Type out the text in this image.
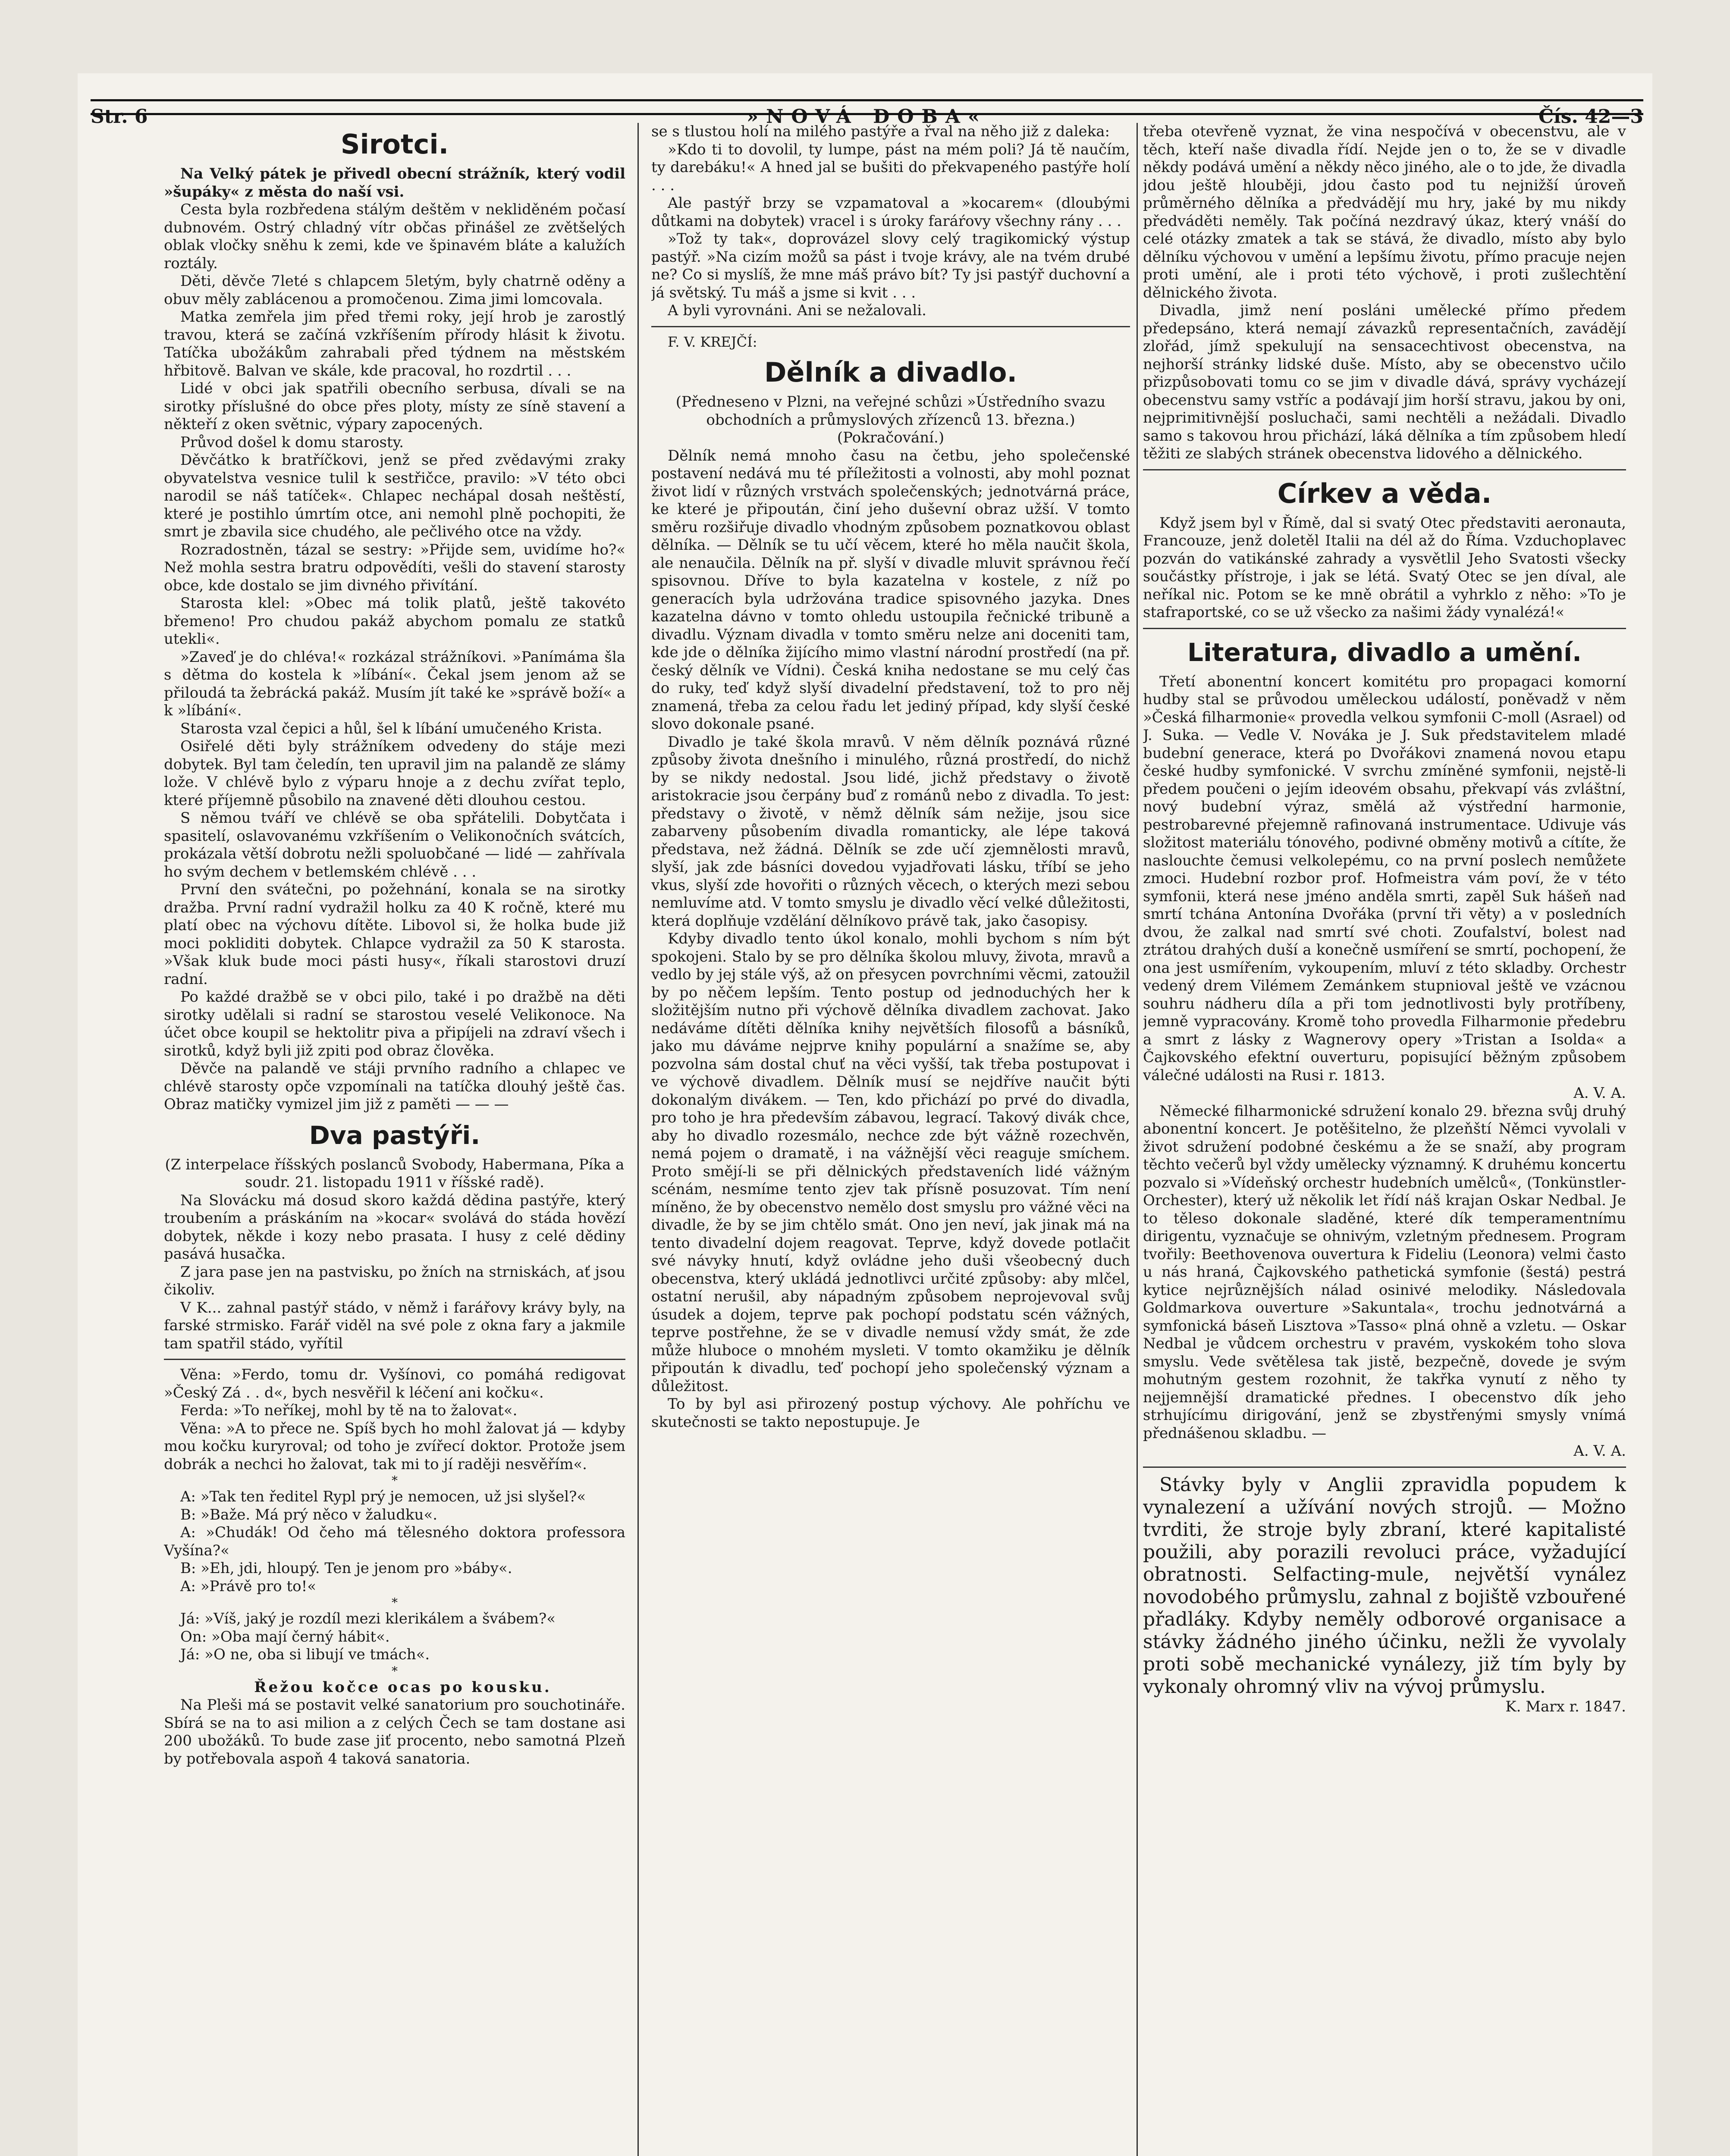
Str. 6	»NOVÁ DOBA«	Čís. 42—3
Sirotci.

Na Velký pátek je přivedl obecní strážník, který vodil »šupáky« z města do naší vsi.

Cesta byla rozbředena stálým deštěm v nekliděném počasí dubnovém. Ostrý chladný vítr občas přinášel ze zvětšelých oblak vločky sněhu k zemi, kde ve špinavém bláte a kalužích roztály.

Děti, děvče 7leté s chlapcem 5letým, byly chatrně oděny a obuv měly zablácenou a promočenou. Zima jimi lomcovala.

Matka zemřela jim před třemi roky, její hrob je zarostlý travou, která se začíná vzkříšením přírody hlásit k životu. Tatíčka ubožákům zahrabali před týdnem na městském hřbitově. Balvan ve skále, kde pracoval, ho rozdrtil . . .

Lidé v obci jak spatřili obecního serbusa, dívali se na sirotky příslušné do obce přes ploty, místy ze síně stavení a někteří z oken světnic, výpary zapocených.

Průvod došel k domu starosty.

Děvčátko k bratříčkovi, jenž se před zvědavými zraky obyvatelstva vesnice tulil k sestřičce, pravilo: »V této obci narodil se náš tatíček«. Chlapec nechápal dosah neštěstí, které je postihlo úmrtím otce, ani nemohl plně pochopiti, že smrt je zbavila sice chudého, ale pečlivého otce na vždy.

Rozradostněn, tázal se sestry: »Přijde sem, uvidíme ho?« Než mohla sestra bratru odpovědíti, vešli do stavení starosty obce, kde dostalo se jim divného přivítání.

Starosta klel: »Obec má tolik platů, ještě takovéto břemeno! Pro chudou pakáž abychom pomalu ze statků utekli«.

»Zaveď je do chléva!« rozkázal strážníkovi. »Panímáma šla s dětma do kostela k »líbání«. Čekal jsem jenom až se přiloudá ta žebrácká pakáž. Musím jít také ke »správě boží« a k »líbání«.

Starosta vzal čepici a hůl, šel k líbání umučeného Krista.

Osiřelé děti byly strážníkem odvedeny do stáje mezi dobytek. Byl tam čeledín, ten upravil jim na palandě ze slámy lože. V chlévě bylo z výparu hnoje a z dechu zvířat teplo, které příjemně působilo na znavené děti dlouhou cestou.

S němou tváří ve chlévě se oba spřátelili. Dobytčata i spasitelí, oslavovanému vzkříšením o Velikonočních svátcích, prokázala větší dobrotu nežli spoluobčané — lidé — zahřívala ho svým dechem v betlemském chlévě . . .

První den svátečni, po požehnání, konala se na sirotky dražba. První radní vydražil holku za 40 K ročně, které mu platí obec na výchovu dítěte. Libovol si, že holka bude již moci pokliditi dobytek. Chlapce vydražil za 50 K starosta. »Však kluk bude moci pásti husy«, říkali starostovi druzí radní.

Po každé dražbě se v obci pilo, také i po dražbě na děti sirotky udělali si radní se starostou veselé Velikonoce. Na účet obce koupil se hektolitr piva a připíjeli na zdraví všech i sirotků, když byli již zpiti pod obraz člověka.

Děvče na palandě ve stáji prvního radního a chlapec ve chlévě starosty opče vzpomínali na tatíčka dlouhý ještě čas. Obraz matičky vymizel jim již z paměti — — —

Dva pastýři.

(Z interpelace říšských poslanců Svobody, Habermana, Píka a soudr. 21. listopadu 1911 v říšské radě).

Na Slovácku má dosud skoro každá dědina pastýře, který troubením a práskáním na »kocar« svolává do stáda hovězí dobytek, někde i kozy nebo prasata. I husy z celé dědiny pasává husačka.

Z jara pase jen na pastvisku, po žních na strniskách, ať jsou čikoliv.

V K... zahnal pastýř stádo, v němž i farářovy krávy byly, na farské strmisko. Farář viděl na své pole z okna fary a jakmile tam spatřil stádo, vyřítil

Věna: »Ferdo, tomu dr. Vyšínovi, co pomáhá redigovat »Český Zá . . d«, bych nesvěřil k léčení ani kočku«.

Ferda: »To neříkej, mohl by tě na to žalovat«.

Věna: »A to přece ne. Spíš bych ho mohl žalovat já — kdyby mou kočku kuryroval; od toho je zvířecí doktor. Protože jsem dobrák a nechci ho žalovat, tak mi to jí raději nesvěřím«.

*

A: »Tak ten ředitel Rypl prý je nemocen, už jsi slyšel?«

B: »Baže. Má prý něco v žaludku«.

A: »Chudák! Od čeho má tělesného doktora professora Vyšína?«

B: »Eh, jdi, hloupý. Ten je jenom pro »báby«.

A: »Právě pro to!«

*

Já: »Víš, jaký je rozdíl mezi klerikálem a švábem?«

On: »Oba mají černý hábit«.

Já: »O ne, oba si libují ve tmách«.

*

Řežou kočce ocas po kousku.

Na Pleši má se postavit velké sanatorium pro souchotináře. Sbírá se na to asi milion a z celých Čech se tam dostane asi 200 ubožáků. To bude zase jiť procento, nebo samotná Plzeň by potřebovala aspoň 4 taková sanatoria.

se s tlustou holí na milého pastýře a řval na něho již z daleka:

»Kdo ti to dovolil, ty lumpe, pást na mém poli? Já tě naučím, ty darebáku!« A hned jal se bušiti do překvapeného pastýře holí . . .

Ale pastýř brzy se vzpamatoval a »kocarem« (dloubými důtkami na dobytek) vracel i s úroky faráŕovy všechny rány . . .

»Tož ty tak«, doprovázel slovy celý tragikomický výstup pastýř. »Na cizím možů sa pást i tvoje krávy, ale na tvém drubé ne? Co si myslíš, že mne máš právo bít? Ty jsi pastýř duchovní a já světský. Tu máš a jsme si kvit . . .

A byli vyrovnáni. Ani se nežalovali.

F. V. KREJČÍ:

Dělník a divadlo.

(Předneseno v Plzni, na veřejné schůzi »Ústředního svazu obchodních a průmyslových zřízenců 13. března.)

(Pokračování.)

Dělník nemá mnoho času na četbu, jeho společenské postavení nedává mu té příležitosti a volnosti, aby mohl poznat život lidí v různých vrstvách společenských; jednotvárná práce, ke které je připoután, činí jeho duševní obraz užší. V tomto směru rozšiřuje divadlo vhodným způsobem poznatkovou oblast dělníka. — Dělník se tu učí věcem, které ho měla naučit škola, ale nenaučila. Dělník na př. slyší v divadle mluvit správnou řečí spisovnou. Dříve to byla kazatelna v kostele, z níž po generacích byla udržována tradice spisovného jazyka. Dnes kazatelna dávno v tomto ohledu ustoupila řečnické tribuně a divadlu. Význam divadla v tomto směru nelze ani doceniti tam, kde jde o dělníka žijícího mimo vlastní národní prostředí (na př. český dělník ve Vídni). Česká kniha nedostane se mu celý čas do ruky, teď když slyší divadelní představení, tož to pro něj znamená, třeba za celou řadu let jediný případ, kdy slyší české slovo dokonale psané.

Divadlo je také škola mravů. V něm dělník poznává různé způsoby života dnešního i minulého, různá prostředí, do nichž by se nikdy nedostal. Jsou lidé, jichž představy o životě aristokracie jsou čerpány buď z románů nebo z divadla. To jest: představy o životě, v němž dělník sám nežije, jsou sice zabarveny působením divadla romanticky, ale lépe taková představa, než žádná. Dělník se zde učí zjemnělosti mravů, slyší, jak zde básníci dovedou vyjadřovati lásku, tříbí se jeho vkus, slyší zde hovořiti o různých věcech, o kterých mezi sebou nemluvíme atd. V tomto smyslu je divadlo věcí velké důležitosti, která doplňuje vzdělání dělníkovo právě tak, jako časopisy.

Kdyby divadlo tento úkol konalo, mohli bychom s ním být spokojeni. Stalo by se pro dělníka školou mluvy, života, mravů a vedlo by jej stále výš, až on přesycen povrchními věcmi, zatoužil by po něčem lepším. Tento postup od jednoduchých her k složitějším nutno při výchově dělníka divadlem zachovat. Jako nedáváme dítěti dělníka knihy největších filosofů a básníků, jako mu dáváme nejprve knihy populární a snažíme se, aby pozvolna sám dostal chuť na věci vyšší, tak třeba postupovat i ve výchově divadlem. Dělník musí se nejdříve naučit býti dokonalým divákem. — Ten, kdo přichází po prvé do divadla, pro toho je hra především zábavou, legrací. Takový divák chce, aby ho divadlo rozesmálo, nechce zde být vážně rozechvěn, nemá pojem o dramatě, i na vážnější věci reaguje smíchem. Proto smějí-li se při dělnických představeních lidé vážným scénám, nesmíme tento zjev tak přísně posuzovat. Tím není míněno, že by obecenstvo nemělo dost smyslu pro vážné věci na divadle, že by se jim chtělo smát. Ono jen neví, jak jinak má na tento divadelní dojem reagovat. Teprve, když dovede potlačit své návyky hnutí, když ovládne jeho duši všeobecný duch obecenstva, který ukládá jednotlivci určité způsoby: aby mlčel, ostatní nerušil, aby nápadným způsobem neprojevoval svůj úsudek a dojem, teprve pak pochopí podstatu scén vážných, teprve postřehne, že se v divadle nemusí vždy smát, že zde může hluboce o mnohém mysleti. V tomto okamžiku je dělník připoután k divadlu, teď pochopí jeho společenský význam a důležitost.

To by byl asi přirozený postup výchovy. Ale pohříchu ve skutečnosti se takto nepostupuje. Je

třeba otevřeně vyznat, že vina nespočívá v obecenstvu, ale v těch, kteří naše divadla řídí. Nejde jen o to, že se v divadle někdy podává umění a někdy něco jiného, ale o to jde, že divadla jdou ještě hlouběji, jdou často pod tu nejnižší úroveň průměrného dělníka a předvádějí mu hry, jaké by mu nikdy předváděti neměly. Tak počíná nezdravý úkaz, který vnáší do celé otázky zmatek a tak se stává, že divadlo, místo aby bylo dělníku výchovou v umění a lepšímu životu, přímo pracuje nejen proti umění, ale i proti této výchově, i proti zušlechtění dělnického života.

Divadla, jimž není posláni umělecké přímo předem předepsáno, která nemají závazků representačních, zavádějí zlořád, jímž spekulují na sensacechtivost obecenstva, na nejhorší stránky lidské duše. Místo, aby se obecenstvo učilo přizpůsobovati tomu co se jim v divadle dává, správy vycházejí obecenstvu samy vstříc a podávají jim horší stravu, jakou by oni, nejprimitivnější posluchači, sami nechtěli a nežádali. Divadlo samo s takovou hrou přichází, láká dělníka a tím způsobem hledí těžiti ze slabých stránek obecenstva lidového a dělnického.

Církev a věda.

Když jsem byl v Římě, dal si svatý Otec představiti aeronauta, Francouze, jenž doletěl Italii na dél až do Říma. Vzduchoplavec pozván do vatikánské zahrady a vysvětlil Jeho Svatosti všecky součástky přístroje, i jak se létá. Svatý Otec se jen díval, ale neříkal nic. Potom se ke mně obrátil a vyhrklo z něho: »To je stafraportské, co se už všecko za našimi žády vynalézá!«

Literatura, divadlo a umění.

Třetí abonentní koncert komitétu pro propagaci komorní hudby stal se průvodou uměleckou událostí, poněvadž v něm »Česká filharmonie« provedla velkou symfonii C-moll (Asrael) od J. Suka. — Vedle V. Nováka je J. Suk představitelem mladé budební generace, která po Dvořákovi znamená novou etapu české hudby symfonické. V svrchu zmíněné symfonii, nejstě-li předem poučeni o jejím ideovém obsahu, překvapí vás zvláštní, nový budební výraz, smělá až výstřední harmonie, pestrobarevné přejemně rafinovaná instrumentace. Udivuje vás složitost materiálu tónového, podivné obměny motivů a cítíte, že naslouchte čemusi velkolepému, co na první poslech nemůžete zmoci. Hudební rozbor prof. Hofmeistra vám poví, že v této symfonii, která nese jméno anděla smrti, zapěl Suk hášeň nad smrtí tchána Antonína Dvořáka (první tři věty) a v posledních dvou, že zalkal nad smrtí své choti. Zoufalství, bolest nad ztrátou drahých duší a konečně usmíření se smrtí, pochopení, že ona jest usmířením, vykoupením, mluví z této skladby. Orchestr vedený drem Vilémem Zemánkem stupnioval ještě ve vzácnou souhru nádheru díla a při tom jednotlivosti byly protříbeny, jemně vypracovány. Kromě toho provedla Filharmonie předebru a smrt z lásky z Wagnerovy opery »Tristan a Isolda« a Čajkovského efektní ouverturu, popisující běžným způsobem válečné události na Rusi r. 1813.

A. V. A.

Německé filharmonické sdružení konalo 29. března svůj druhý abonentní koncert. Je potěšitelno, že plzeňští Němci vyvolali v život sdružení podobné českému a že se snaží, aby program těchto večerů byl vždy umělecky významný. K druhému koncertu pozvalo si »Vídeňský orchestr hudebních umělců«, (Tonkünstler-Orchester), který už několik let řídí náš krajan Oskar Nedbal. Je to těleso dokonale sladěné, které dík temperamentnímu dirigentu, vyznačuje se ohnivým, vzletným přednesem. Program tvořily: Beethovenova ouvertura k Fideliu (Leonora) velmi často u nás hraná, Čajkovského pathetická symfonie (šestá) pestrá kytice nejrůznějších nálad osinivé melodiky. Následovala Goldmarkova ouverture »Sakuntala«, trochu jednotvárná a symfonická báseň Lisztova »Tasso« plná ohně a vzletu. — Oskar Nedbal je vůdcem orchestru v pravém, vyskokém toho slova smyslu. Vede světělesa tak jistě, bezpečně, dovede je svým mohutným gestem rozohnit, že takřka vynutí z něho ty nejjemnější dramatické přednes. I obecenstvo dík jeho strhujícímu dirigování, jenž se zbystřenými smysly vnímá přednášenou skladbu. —

A. V. A.

Stávky byly v Anglii zpravidla popudem k vynalezení a užívání nových strojů. — Možno tvrditi, že stroje byly zbraní, které kapitalisté použili, aby porazili revoluci práce, vyžadující obratnosti. Selfacting-mule, největší vynález novodobého průmyslu, zahnal z bojiště vzbouřené přadláky. Kdyby neměly odborové organisace a stávky žádného jiného účinku, nežli že vyvolaly proti sobě mechanické vynálezy, již tím byly by vykonaly ohromný vliv na vývoj průmyslu.

K. Marx r. 1847.
